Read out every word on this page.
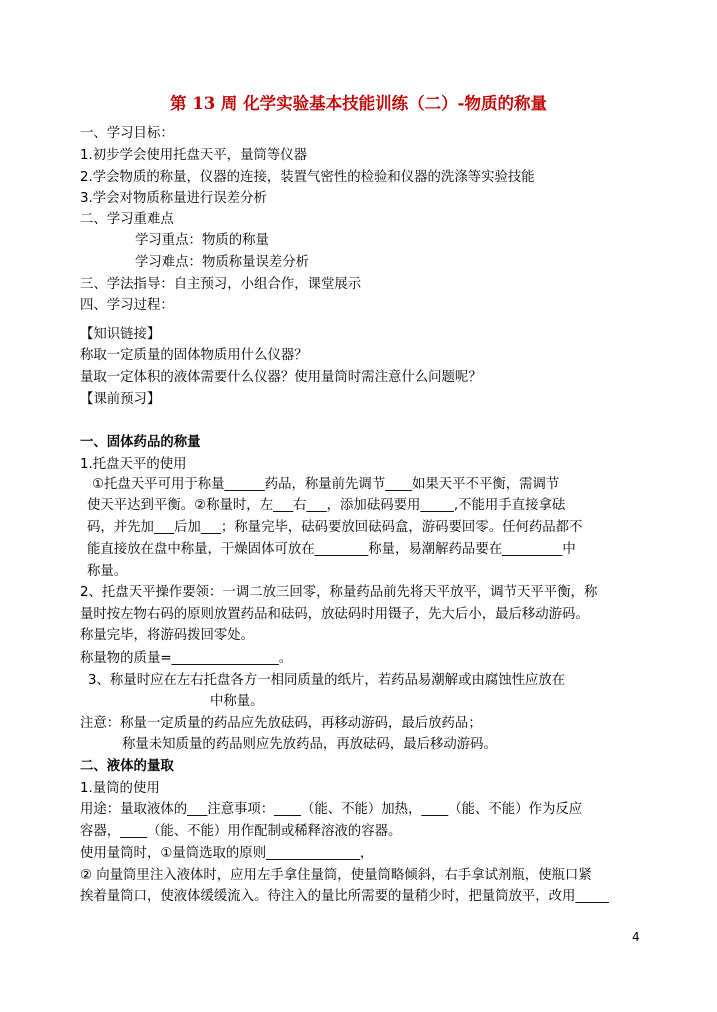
第 13 周 化学实验基本技能训练（二）-物质的称量
一、学习目标：
1.初步学会使用托盘天平，量筒等仪器
2.学会物质的称量，仪器的连接，装置气密性的检验和仪器的洗涤等实验技能
3.学会对物质称量进行误差分析
二、学习重难点
学习重点：物质的称量
学习难点：物质称量误差分析
三、学法指导：自主预习，小组合作，课堂展示
四、学习过程：
【知识链接】
称取一定质量的固体物质用什么仪器？
量取一定体积的液体需要什么仪器？使用量筒时需注意什么问题呢？
【课前预习】
一、固体药品的称量
1.托盘天平的使用
①托盘天平可用于称量______药品，称量前先调节____如果天平不平衡，需调节
使天平达到平衡。②称量时，左___右___，添加砝码要用_____,不能用手直接拿砝
码，并先加___后加___；称量完毕，砝码要放回砝码盒，游码要回零。任何药品都不
能直接放在盘中称量，干燥固体可放在________称量，易潮解药品要在_________中
称量。
2、托盘天平操作要领：一调二放三回零，称量药品前先将天平放平，调节天平平衡，称
量时按左物右码的原则放置药品和砝码，放砝码时用镊子，先大后小，最后移动游码。
称量完毕，将游码拨回零处。
称量物的质量=________________。
3、称量时应在左右托盘各方一相同质量的纸片，若药品易潮解或由腐蚀性应放在
中称量。
注意：称量一定质量的药品应先放砝码，再移动游码，最后放药品；
称量未知质量的药品则应先放药品，再放砝码，最后移动游码。
二、液体的量取
1.量筒的使用
用途：量取液体的___注意事项：____（能、不能）加热，____（能、不能）作为反应
容器，____（能、不能）用作配制或稀释溶液的容器。
使用量筒时，①量筒选取的原则______________，
② 向量筒里注入液体时，应用左手拿住量筒，使量筒略倾斜，右手拿试剂瓶，使瓶口紧
挨着量筒口，使液体缓缓流入。待注入的量比所需要的量稍少时，把量筒放平，改用_____
4
